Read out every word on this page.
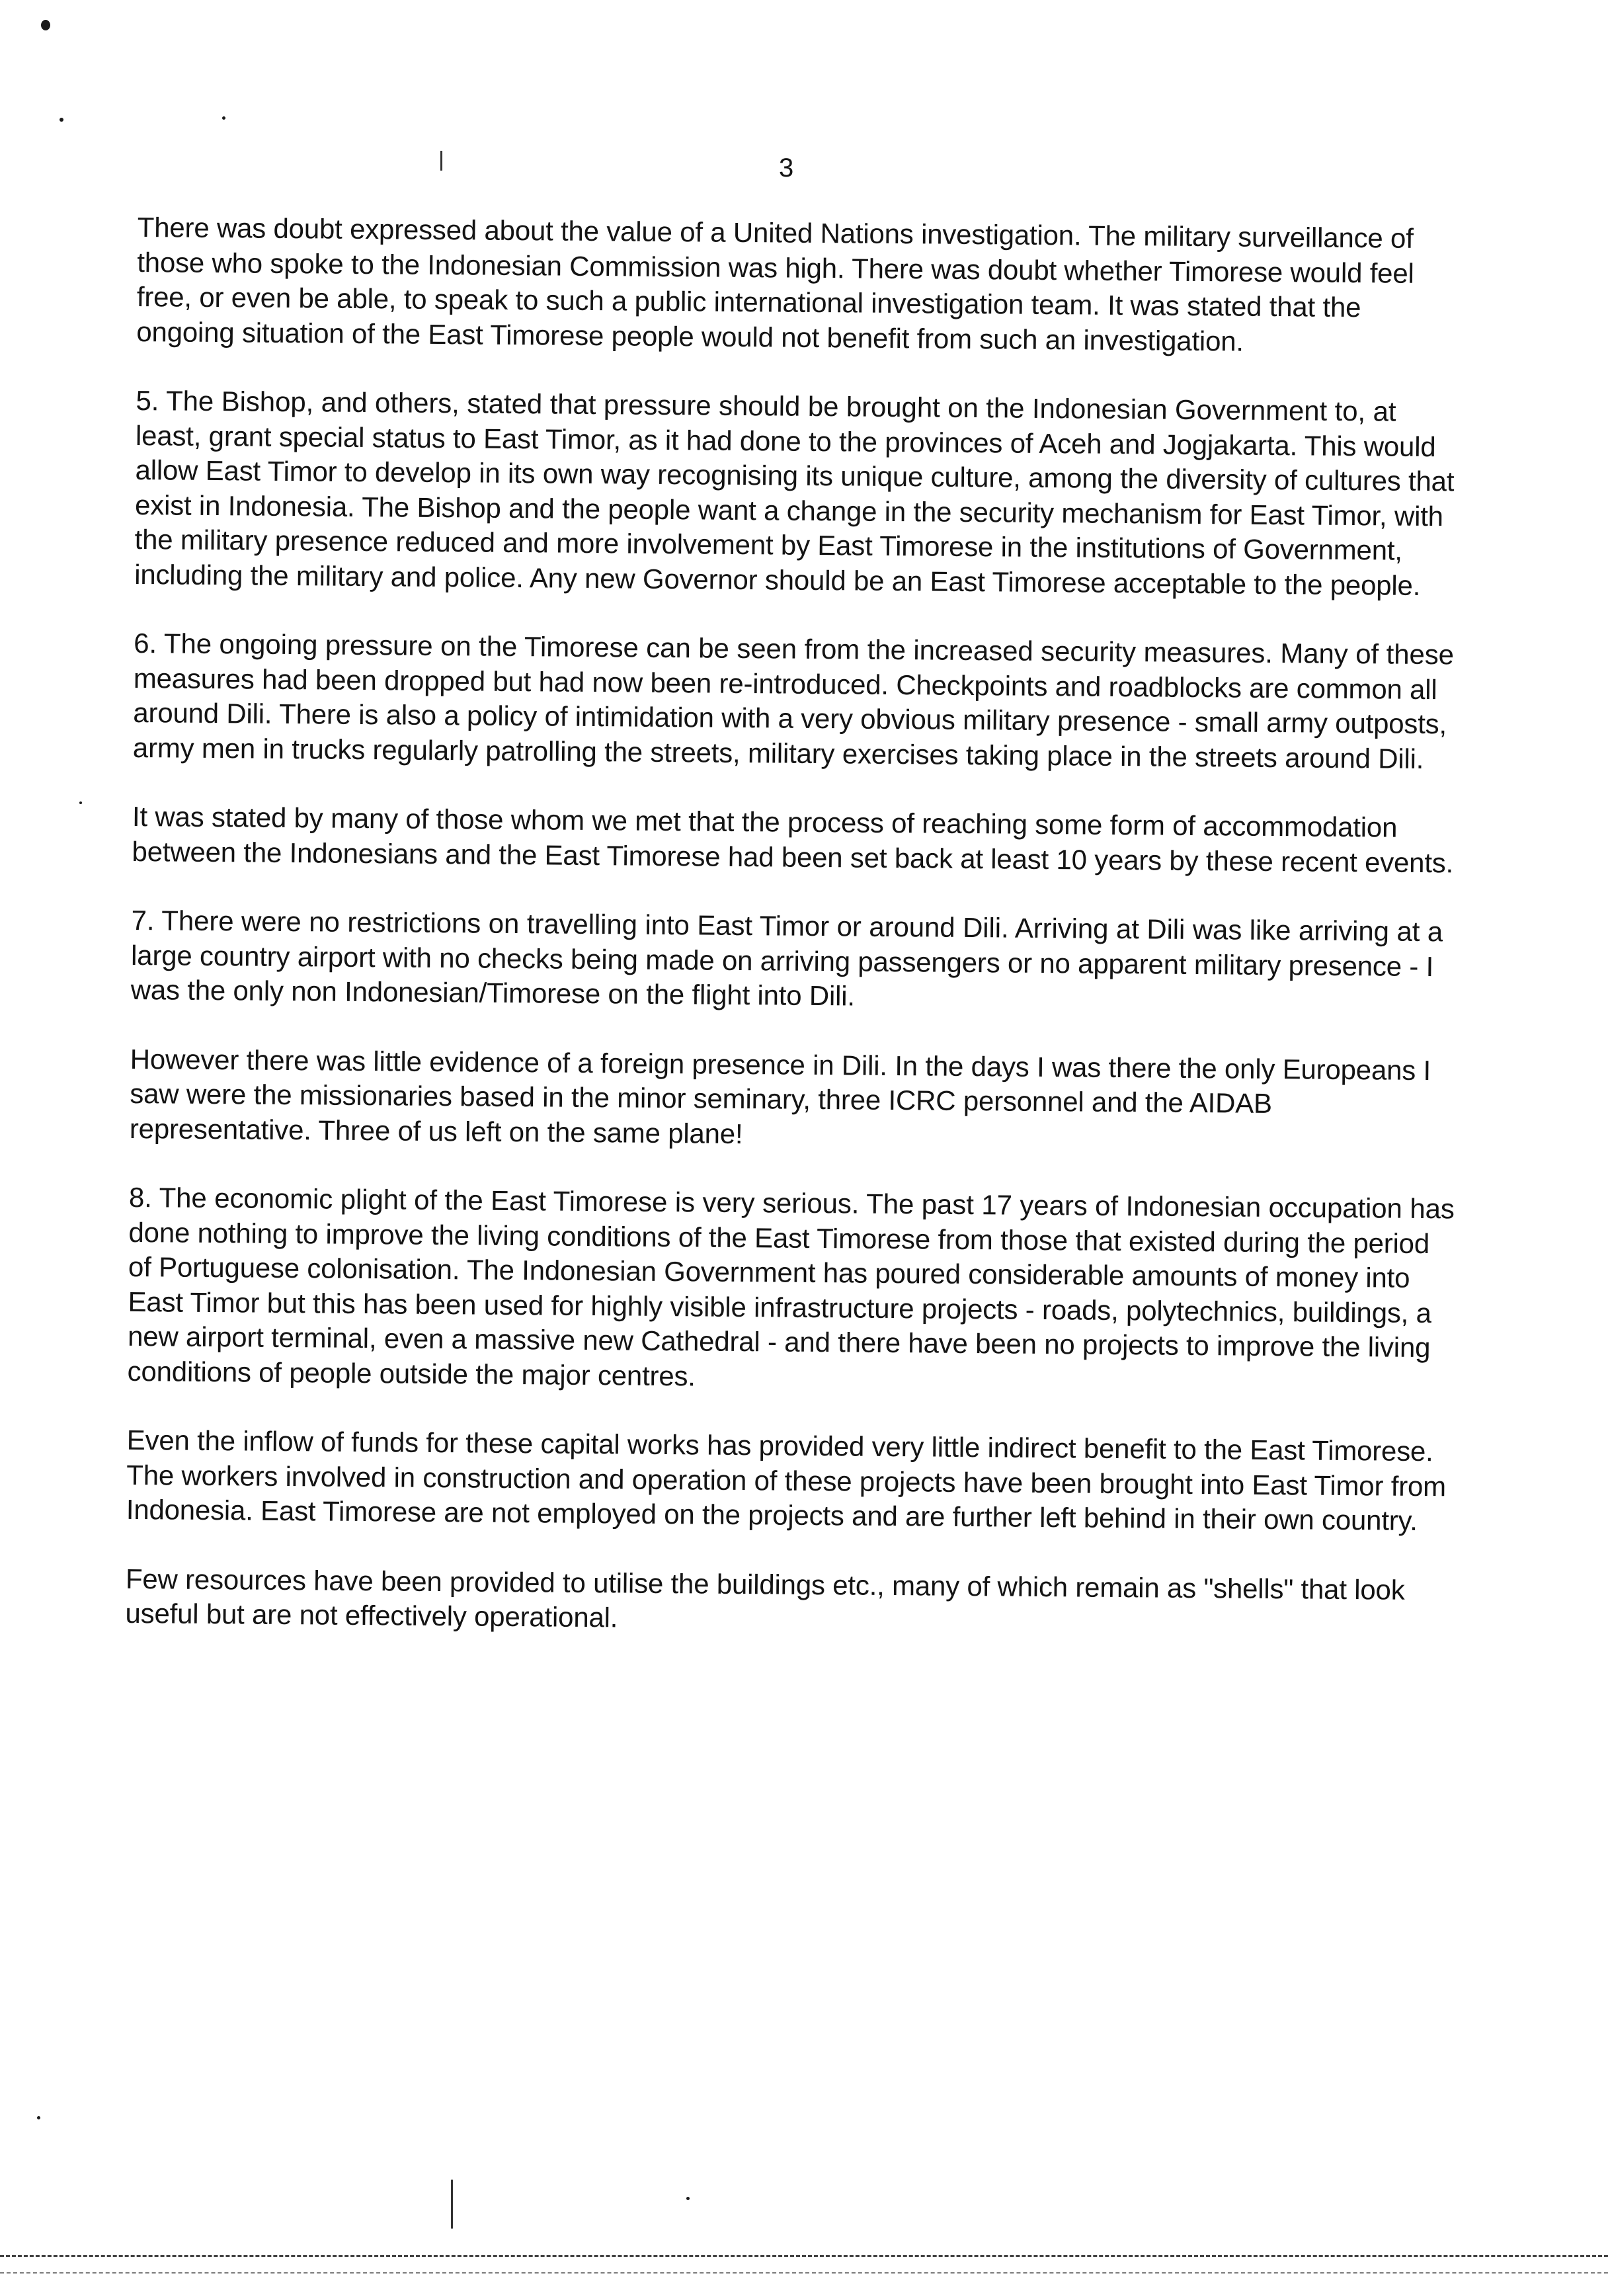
3

There was doubt expressed about the value of a United Nations investigation. The military surveillance of those who spoke to the Indonesian Commission was high. There was doubt whether Timorese would feel free, or even be able, to speak to such a public international investigation team. It was stated that the ongoing situation of the East Timorese people would not benefit from such an investigation.

5. The Bishop, and others, stated that pressure should be brought on the Indonesian Government to, at least, grant special status to East Timor, as it had done to the provinces of Aceh and Jogjakarta. This would allow East Timor to develop in its own way recognising its unique culture, among the diversity of cultures that exist in Indonesia. The Bishop and the people want a change in the security mechanism for East Timor, with the military presence reduced and more involvement by East Timorese in the institutions of Government, including the military and police. Any new Governor should be an East Timorese acceptable to the people.

6. The ongoing pressure on the Timorese can be seen from the increased security measures. Many of these measures had been dropped but had now been re-introduced. Checkpoints and roadblocks are common all around Dili. There is also a policy of intimidation with a very obvious military presence - small army outposts, army men in trucks regularly patrolling the streets, military exercises taking place in the streets around Dili.

It was stated by many of those whom we met that the process of reaching some form of accommodation between the Indonesians and the East Timorese had been set back at least 10 years by these recent events.

7. There were no restrictions on travelling into East Timor or around Dili. Arriving at Dili was like arriving at a large country airport with no checks being made on arriving passengers or no apparent military presence - I was the only non Indonesian/Timorese on the flight into Dili.

However there was little evidence of a foreign presence in Dili. In the days I was there the only Europeans I saw were the missionaries based in the minor seminary, three ICRC personnel and the AIDAB representative. Three of us left on the same plane!

8. The economic plight of the East Timorese is very serious. The past 17 years of Indonesian occupation has done nothing to improve the living conditions of the East Timorese from those that existed during the period of Portuguese colonisation. The Indonesian Government has poured considerable amounts of money into East Timor but this has been used for highly visible infrastructure projects - roads, polytechnics, buildings, a new airport terminal, even a massive new Cathedral - and there have been no projects to improve the living conditions of people outside the major centres.

Even the inflow of funds for these capital works has provided very little indirect benefit to the East Timorese. The workers involved in construction and operation of these projects have been brought into East Timor from Indonesia. East Timorese are not employed on the projects and are further left behind in their own country.

Few resources have been provided to utilise the buildings etc., many of which remain as "shells" that look useful but are not effectively operational.
